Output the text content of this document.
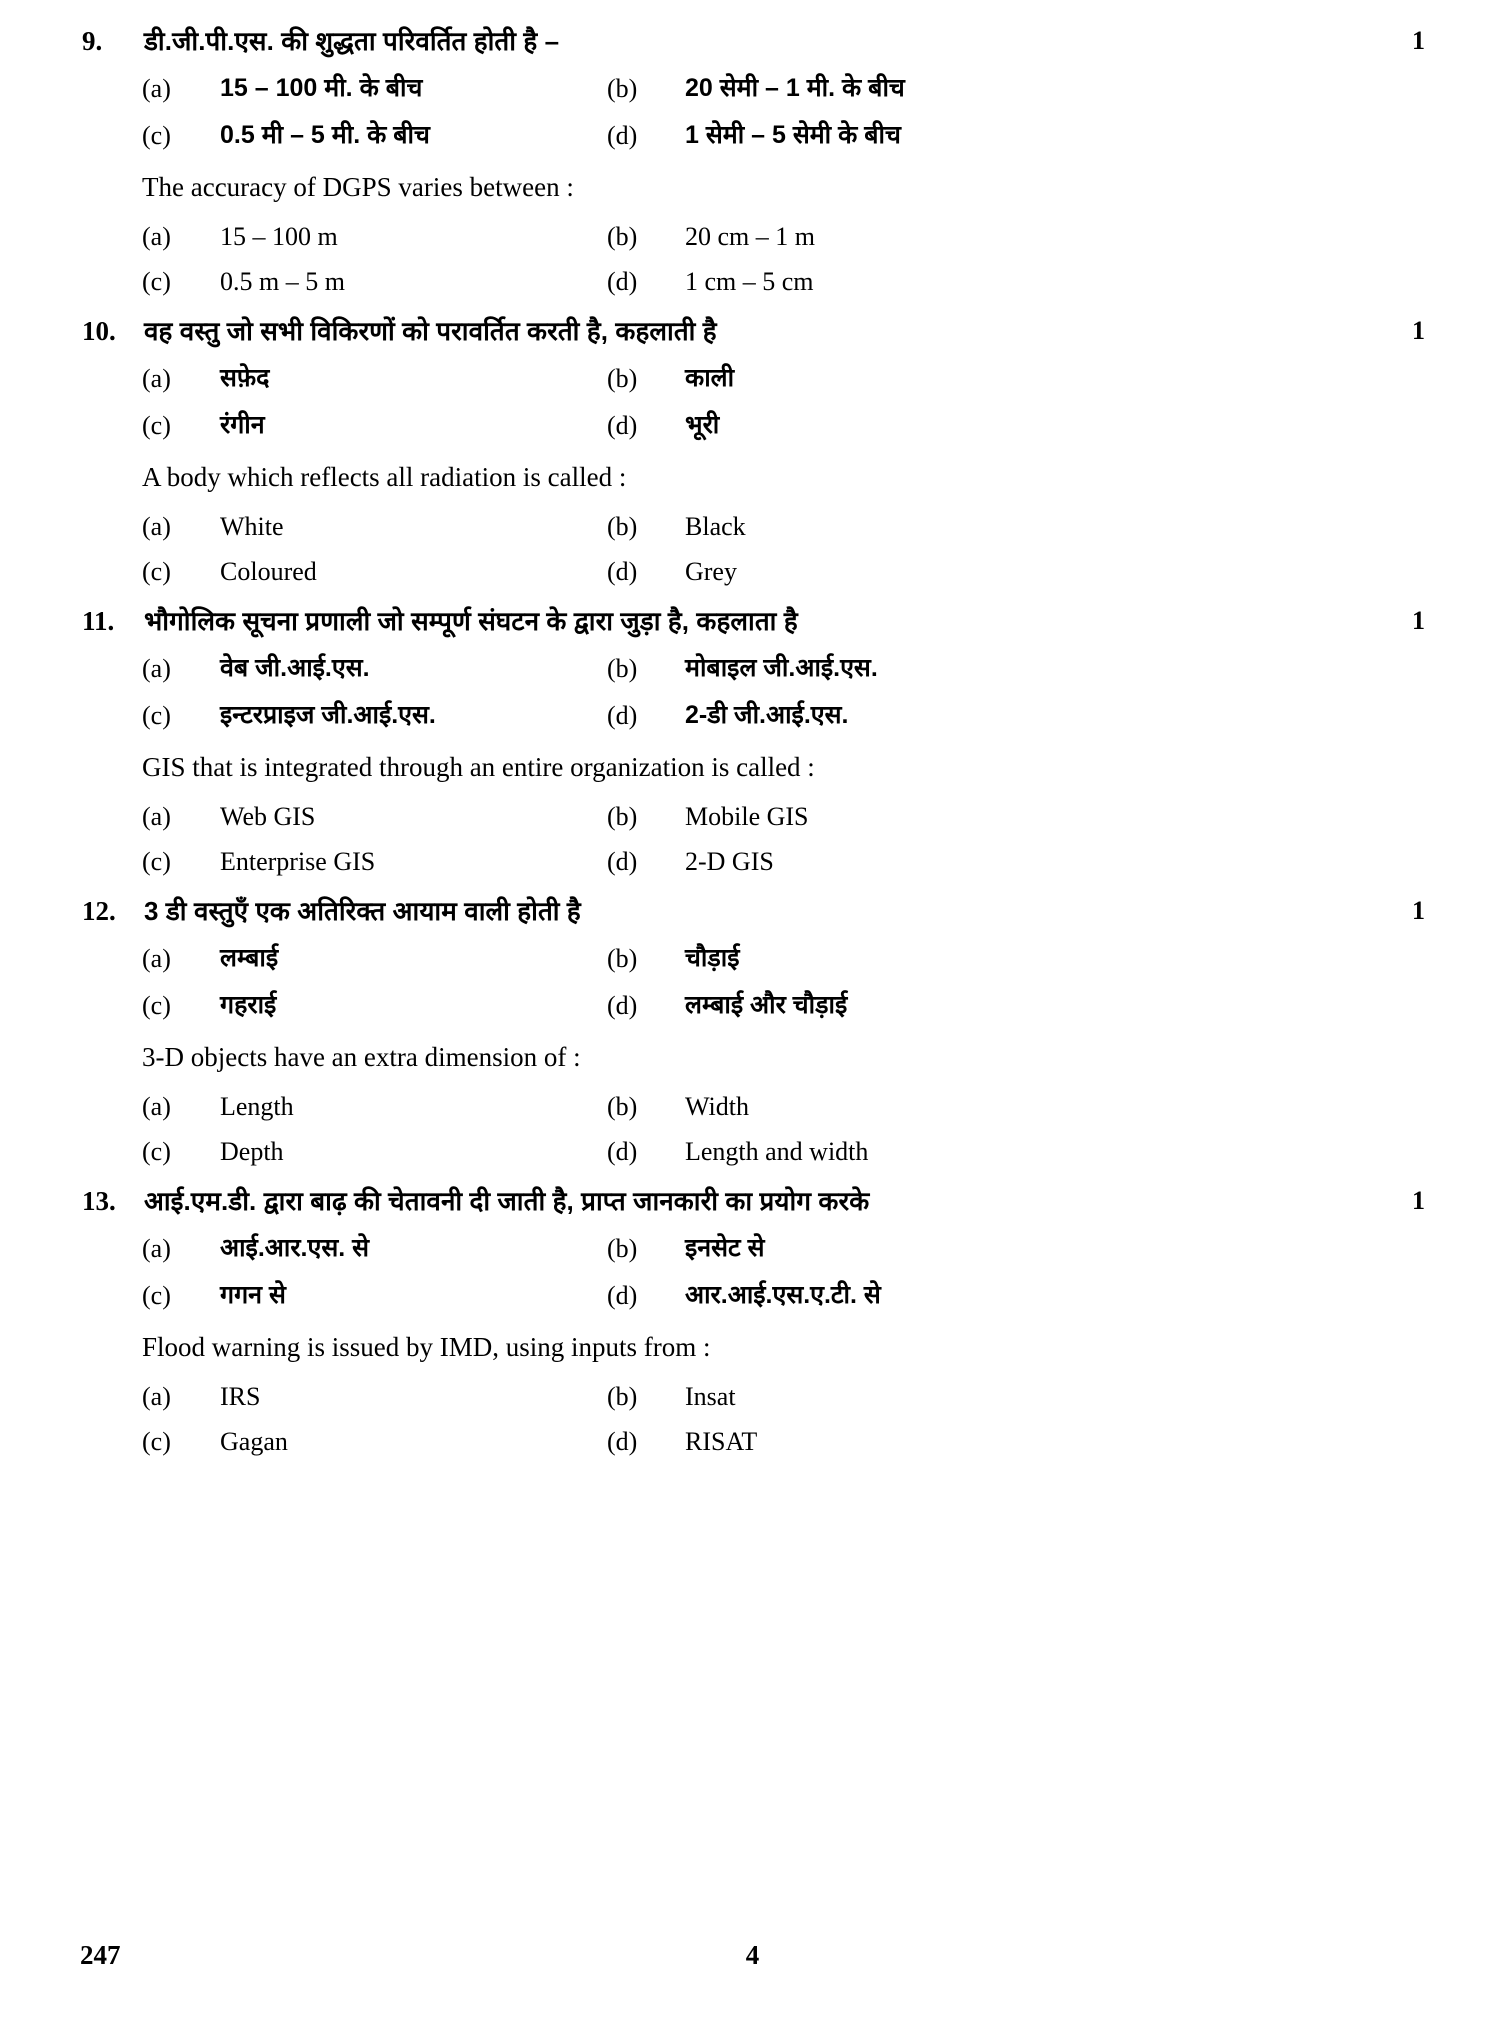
9.	डी.जी.पी.एस. की शुद्धता परिवर्तित होती है –	1
(a)	15 – 100 मी. के बीच	(b)	20 सेमी – 1 मी. के बीच
(c)	0.5 मी – 5 मी. के बीच	(d)	1 सेमी – 5 सेमी के बीच
The accuracy of DGPS varies between :
(a)	15 – 100 m	(b)	20 cm – 1 m
(c)	0.5 m – 5 m	(d)	1 cm – 5 cm
10.	वह वस्तु जो सभी विकिरणों को परावर्तित करती है, कहलाती है	1
(a)	सफ़ेद	(b)	काली
(c)	रंगीन	(d)	भूरी
A body which reflects all radiation is called :
(a)	White	(b)	Black
(c)	Coloured	(d)	Grey
11.	भौगोलिक सूचना प्रणाली जो सम्पूर्ण संघटन के द्वारा जुड़ा है, कहलाता है	1
(a)	वेब जी.आई.एस.	(b)	मोबाइल जी.आई.एस.
(c)	इन्टरप्राइज जी.आई.एस.	(d)	2-डी जी.आई.एस.
GIS that is integrated through an entire organization is called :
(a)	Web GIS	(b)	Mobile GIS
(c)	Enterprise GIS	(d)	2-D GIS
12.	3 डी वस्तुएँ एक अतिरिक्त आयाम वाली होती है	1
(a)	लम्बाई	(b)	चौड़ाई
(c)	गहराई	(d)	लम्बाई और चौड़ाई
3-D objects have an extra dimension of :
(a)	Length	(b)	Width
(c)	Depth	(d)	Length and width
13.	आई.एम.डी. द्वारा बाढ़ की चेतावनी दी जाती है, प्राप्त जानकारी का प्रयोग करके	1
(a)	आई.आर.एस. से	(b)	इनसेट से
(c)	गगन से	(d)	आर.आई.एस.ए.टी. से
Flood warning is issued by IMD, using inputs from :
(a)	IRS	(b)	Insat
(c)	Gagan	(d)	RISAT
247	4
